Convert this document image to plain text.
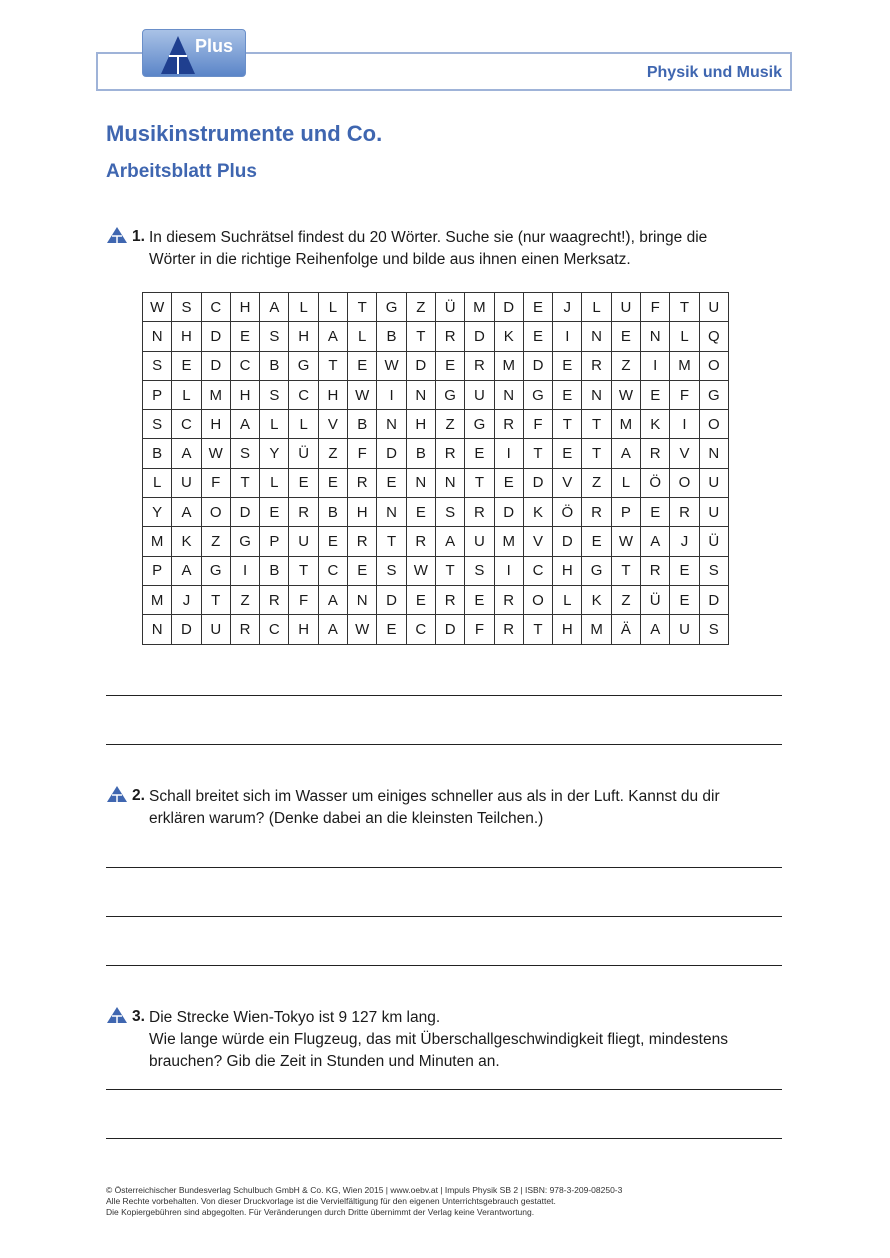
Physik und Musik
Plus
Musikinstrumente und Co.
Arbeitsblatt Plus
1. In diesem Suchrätsel findest du 20 Wörter. Suche sie (nur waagrecht!), bringe die
Wörter in die richtige Reihenfolge und bilde aus ihnen einen Merksatz.
W	S	C	H	A	L	L	T	G	Z	Ü	M	D	E	J	L	U	F	T	U
N	H	D	E	S	H	A	L	B	T	R	D	K	E	I	N	E	N	L	Q
S	E	D	C	B	G	T	E	W	D	E	R	M	D	E	R	Z	I	M	O
P	L	M	H	S	C	H	W	I	N	G	U	N	G	E	N	W	E	F	G
S	C	H	A	L	L	V	B	N	H	Z	G	R	F	T	T	M	K	I	O
B	A	W	S	Y	Ü	Z	F	D	B	R	E	I	T	E	T	A	R	V	N
L	U	F	T	L	E	E	R	E	N	N	T	E	D	V	Z	L	Ö	O	U
Y	A	O	D	E	R	B	H	N	E	S	R	D	K	Ö	R	P	E	R	U
M	K	Z	G	P	U	E	R	T	R	A	U	M	V	D	E	W	A	J	Ü
P	A	G	I	B	T	C	E	S	W	T	S	I	C	H	G	T	R	E	S
M	J	T	Z	R	F	A	N	D	E	R	E	R	O	L	K	Z	Ü	E	D
N	D	U	R	C	H	A	W	E	C	D	F	R	T	H	M	Ä	A	U	S
2. Schall breitet sich im Wasser um einiges schneller aus als in der Luft. Kannst du dir
erklären warum? (Denke dabei an die kleinsten Teilchen.)
3. Die Strecke Wien-Tokyo ist 9 127 km lang.
Wie lange würde ein Flugzeug, das mit Überschallgeschwindigkeit fliegt, mindestens
brauchen? Gib die Zeit in Stunden und Minuten an.
© Österreichischer Bundesverlag Schulbuch GmbH & Co. KG, Wien 2015 | www.oebv.at | Impuls Physik SB 2 | ISBN: 978-3-209-08250-3
Alle Rechte vorbehalten. Von dieser Druckvorlage ist die Vervielfältigung für den eigenen Unterrichtsgebrauch gestattet.
Die Kopiergebühren sind abgegolten. Für Veränderungen durch Dritte übernimmt der Verlag keine Verantwortung.
